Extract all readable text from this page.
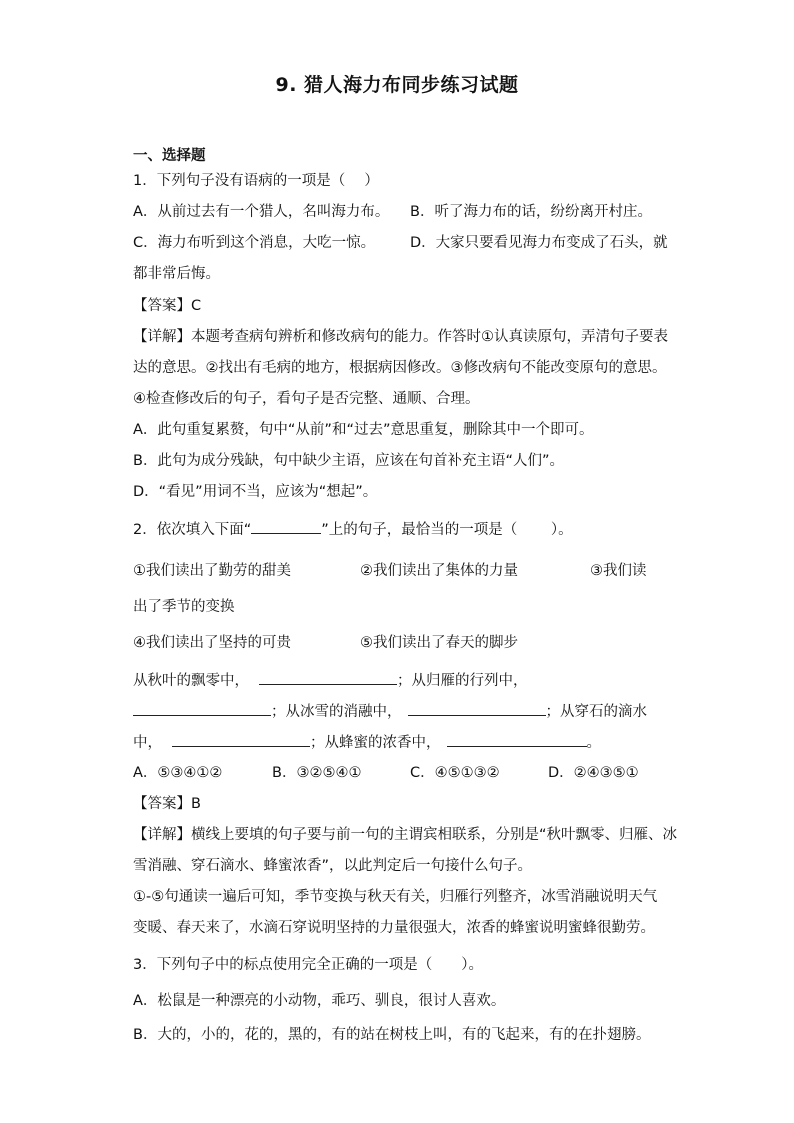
9. 猎人海力布同步练习试题
一、选择题
1．下列句子没有语病的一项是（　 ）
A．从前过去有一个猎人，名叫海力布。 B．听了海力布的话，纷纷离开村庄。
C．海力布听到这个消息，大吃一惊。 D．大家只要看见海力布变成了石头，就
都非常后悔。
【答案】C
【详解】本题考查病句辨析和修改病句的能力。作答时①认真读原句，弄清句子要表
达的意思。②找出有毛病的地方，根据病因修改。③修改病句不能改变原句的意思。
④检查修改后的句子，看句子是否完整、通顺、合理。
A．此句重复累赘，句中“从前”和“过去”意思重复，删除其中一个即可。
B．此句为成分残缺，句中缺少主语，应该在句首补充主语“人们”。
D．“看见”用词不当，应该为“想起”。
2．依次填入下面“	”上的句子，最恰当的一项是（　　 ）。
①我们读出了勤劳的甜美	②我们读出了集体的力量	③我们读
出了季节的变换
④我们读出了坚持的可贵	⑤我们读出了春天的脚步
从秋叶的飘零中，	；从归雁的行列中，
；从冰雪的消融中，	；从穿石的滴水
中，	；从蜂蜜的浓香中，	。
A．⑤③④①②	B．③②⑤④①	C．④⑤①③②	D．②④③⑤①
【答案】B
【详解】横线上要填的句子要与前一句的主谓宾相联系，分别是“秋叶飘零、归雁、冰
雪消融、穿石滴水、蜂蜜浓香”，以此判定后一句接什么句子。
①-⑤句通读一遍后可知，季节变换与秋天有关，归雁行列整齐，冰雪消融说明天气
变暖、春天来了，水滴石穿说明坚持的力量很强大，浓香的蜂蜜说明蜜蜂很勤劳。
3．下列句子中的标点使用完全正确的一项是（　　）。
A．松鼠是一种漂亮的小动物，乖巧、驯良，很讨人喜欢。
B．大的，小的，花的，黑的，有的站在树枝上叫，有的飞起来，有的在扑翅膀。
